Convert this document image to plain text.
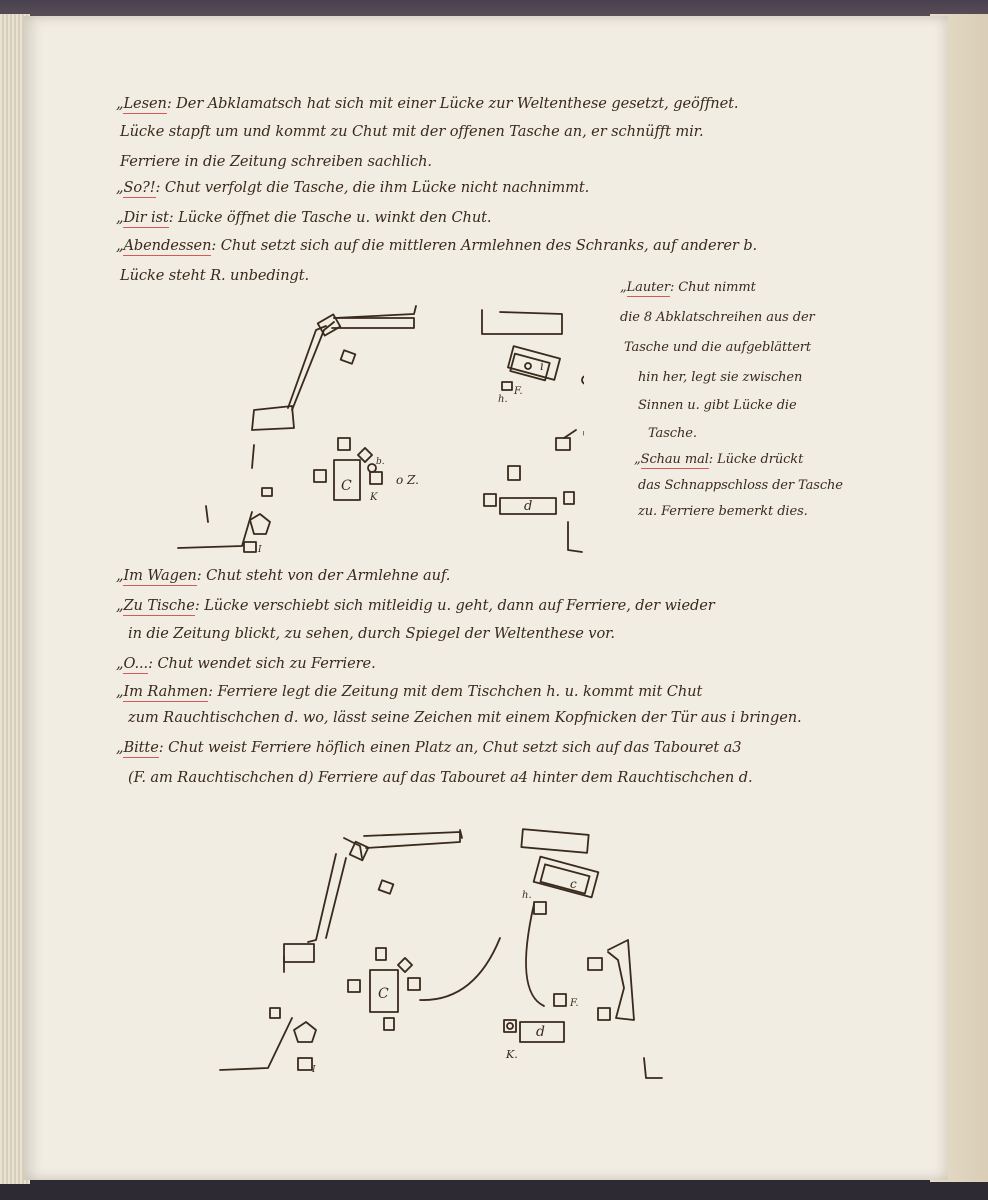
„Lesen: Der Abklamatsch hat sich mit einer Lücke zur Weltenthese gesetzt, geöffnet.

Lücke stapft um und kommt zu Chut mit der offenen Tasche an, er schnüfft mir.

Ferriere in die Zeitung schreiben sachlich.

„So?!: Chut verfolgt die Tasche, die ihm Lücke nicht nachnimmt.

„Dir ist: Lücke öffnet die Tasche u. winkt den Chut.

„Abendessen: Chut setzt sich auf die mittleren Armlehnen des Schranks, auf anderer b.

Lücke steht R. unbedingt.

„Lauter: Chut nimmt

die 8 Abklatschreihen aus der

Tasche und die aufgeblättert

hin her, legt sie zwischen

Sinnen u. gibt Lücke die

Tasche.

„Schau mal: Lücke drückt

das Schnappschloss der Tasche

zu. Ferriere bemerkt dies.

C
b.
K
o Z.
i
h.
F.
d
I

„Im Wagen: Chut steht von der Armlehne auf.

„Zu Tische: Lücke verschiebt sich mitleidig u. geht, dann auf Ferriere, der wieder

in die Zeitung blickt, zu sehen, durch Spiegel der Weltenthese vor.

„O...: Chut wendet sich zu Ferriere.

„Im Rahmen: Ferriere legt die Zeitung mit dem Tischchen h. u. kommt mit Chut

zum Rauchtischchen d. wo, lässt seine Zeichen mit einem Kopfnicken der Tür aus i bringen.

„Bitte: Chut weist Ferriere höflich einen Platz an, Chut setzt sich auf das Tabouret a3

(F. am Rauchtischchen d) Ferriere auf das Tabouret a4 hinter dem Rauchtischchen d.

C
h.
c
F.
d
K.
I
